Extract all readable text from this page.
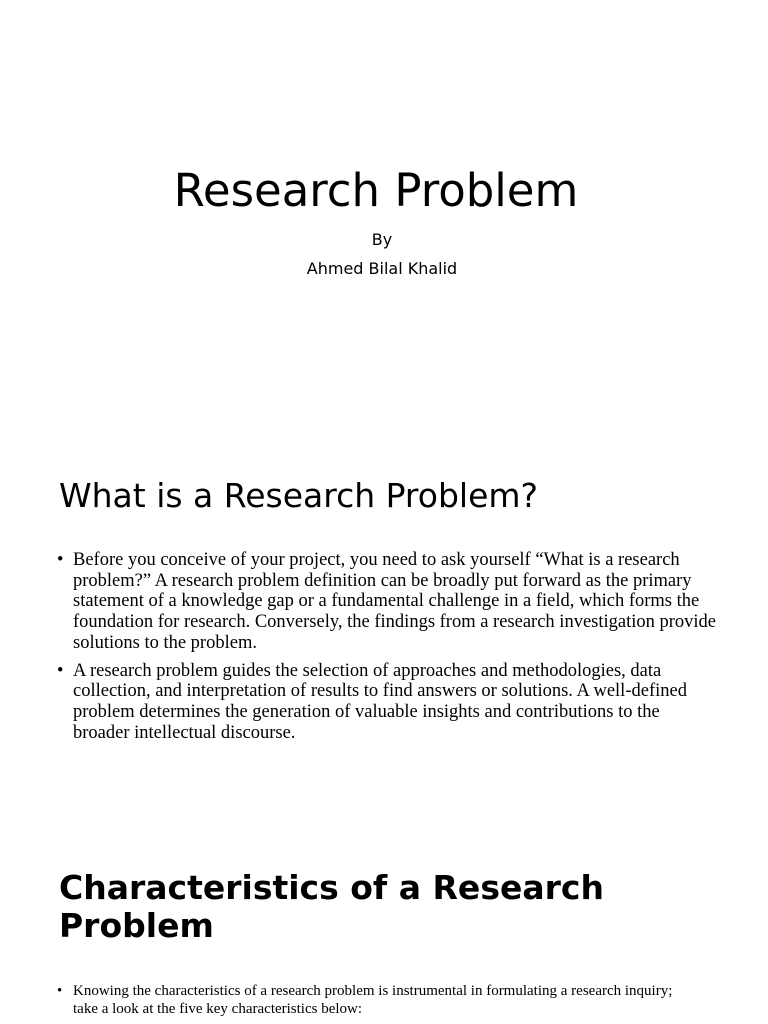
Research Problem
By
Ahmed Bilal Khalid
What is a Research Problem?
• Before you conceive of your project, you need to ask yourself “What is a research problem?” A research problem definition can be broadly put forward as the primary statement of a knowledge gap or a fundamental challenge in a field, which forms the foundation for research. Conversely, the findings from a research investigation provide solutions to the problem.
• A research problem guides the selection of approaches and methodologies, data collection, and interpretation of results to find answers or solutions. A well-defined problem determines the generation of valuable insights and contributions to the broader intellectual discourse.
Characteristics of a Research Problem
• Knowing the characteristics of a research problem is instrumental in formulating a research inquiry; take a look at the five key characteristics below:
